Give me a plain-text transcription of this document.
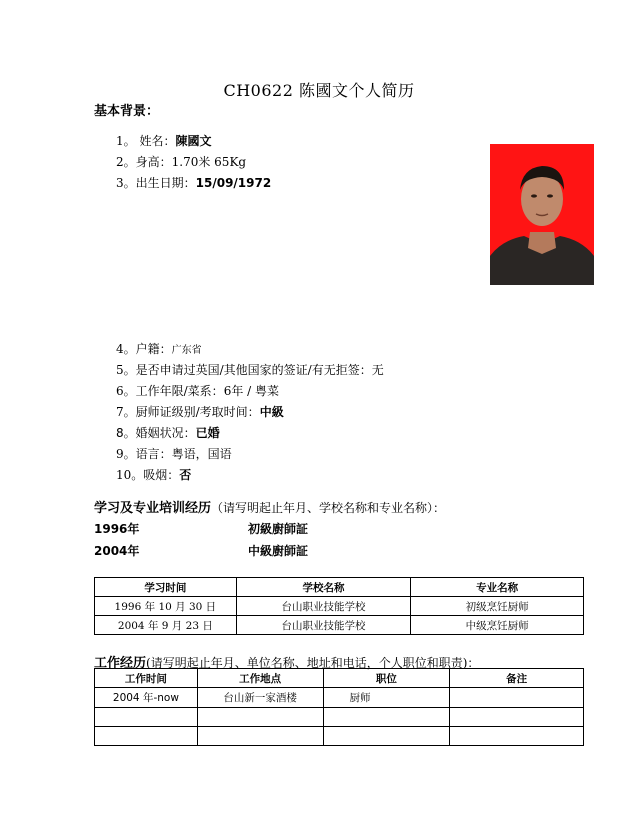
CH0622 陈國文个人简历
基本背景：
1。 姓名：陳國文
2。身高：1.70米 65Kg
3。出生日期：15/09/1972
4。户籍：广东省
5。是否申请过英国/其他国家的签证/有无拒签：无
6。工作年限/菜系：6年 / 粤菜
7。厨师证级别/考取时间：中級
8。婚姻状况：已婚
9。语言：粤语，国语
10。吸烟：否
学习及专业培训经历（请写明起止年月、学校名称和专业名称）：
1996年	初級廚師証
2004年	中級廚師証
学习时间	学校名称	专业名称
1996 年 10 月 30 日	台山职业技能学校	初级烹饪厨师
2004 年 9 月 23 日	台山职业技能学校	中级烹饪厨师
工作经历(请写明起止年月、单位名称、地址和电话，个人职位和职责)：
工作时间	工作地点	职位	备注
2004 年-now	台山新一家酒楼	厨师	
